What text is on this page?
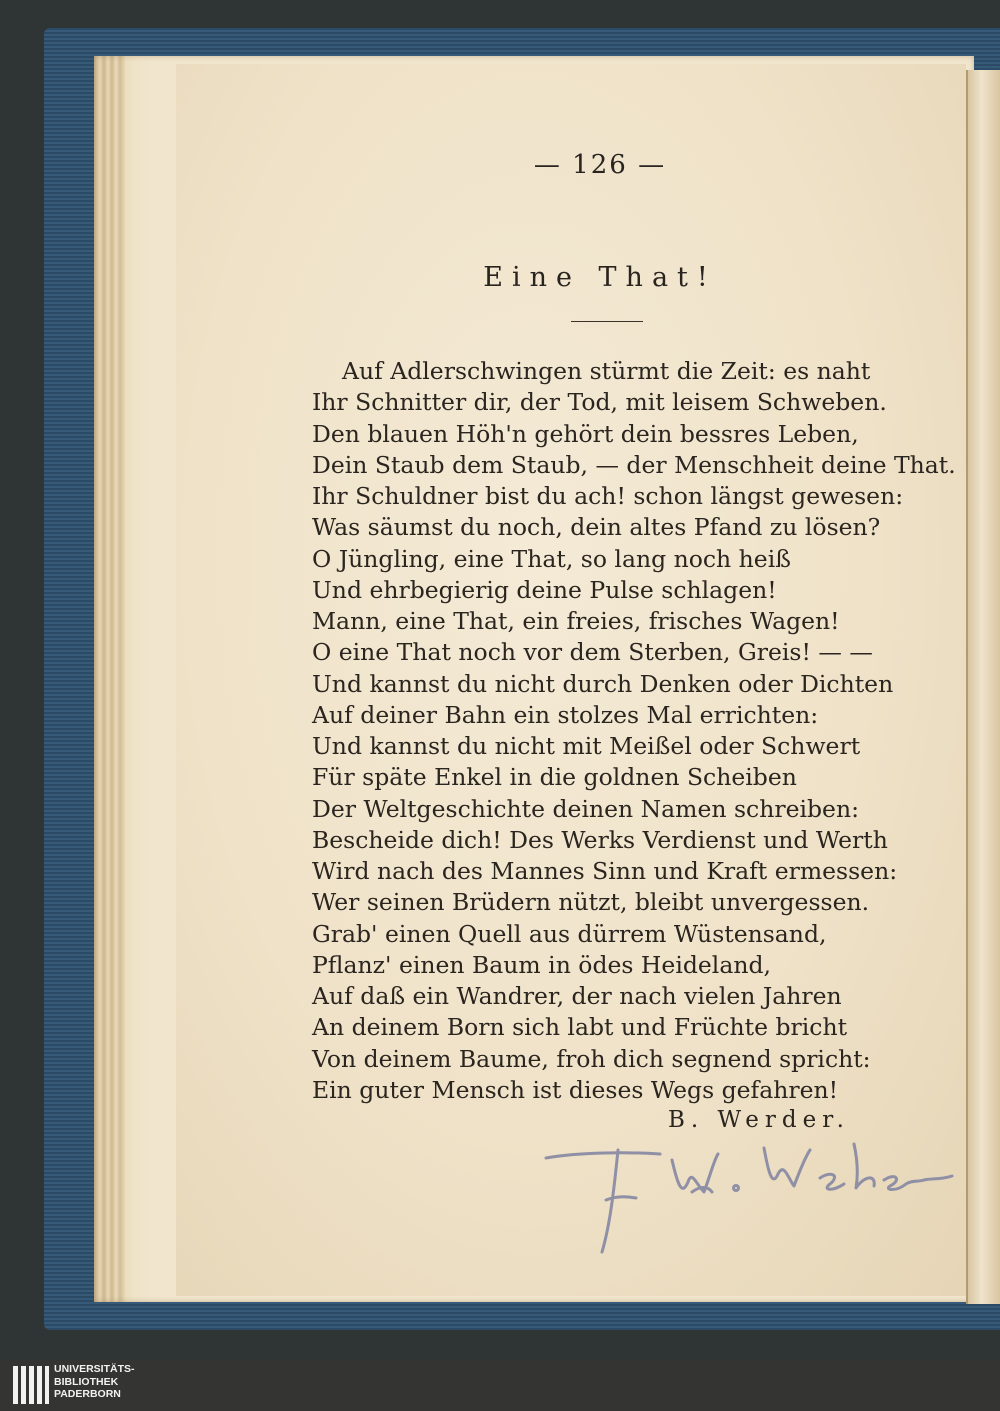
— 126 —
Eine That!
Auf Adlerschwingen stürmt die Zeit: es naht
Ihr Schnitter dir, der Tod, mit leisem Schweben.
Den blauen Höh'n gehört dein bessres Leben,
Dein Staub dem Staub, — der Menschheit deine That.
Ihr Schuldner bist du ach! schon längst gewesen:
Was säumst du noch, dein altes Pfand zu lösen?
O Jüngling, eine That, so lang noch heiß
Und ehrbegierig deine Pulse schlagen!
Mann, eine That, ein freies, frisches Wagen!
O eine That noch vor dem Sterben, Greis! — —
Und kannst du nicht durch Denken oder Dichten
Auf deiner Bahn ein stolzes Mal errichten:
Und kannst du nicht mit Meißel oder Schwert
Für späte Enkel in die goldnen Scheiben
Der Weltgeschichte deinen Namen schreiben:
Bescheide dich! Des Werks Verdienst und Werth
Wird nach des Mannes Sinn und Kraft ermessen:
Wer seinen Brüdern nützt, bleibt unvergessen.
Grab' einen Quell aus dürrem Wüstensand,
Pflanz' einen Baum in ödes Heideland,
Auf daß ein Wandrer, der nach vielen Jahren
An deinem Born sich labt und Früchte bricht
Von deinem Baume, froh dich segnend spricht:
Ein guter Mensch ist dieses Wegs gefahren!
B. Werder.
UNIVERSITÄTS-
BIBLIOTHEK
PADERBORN
